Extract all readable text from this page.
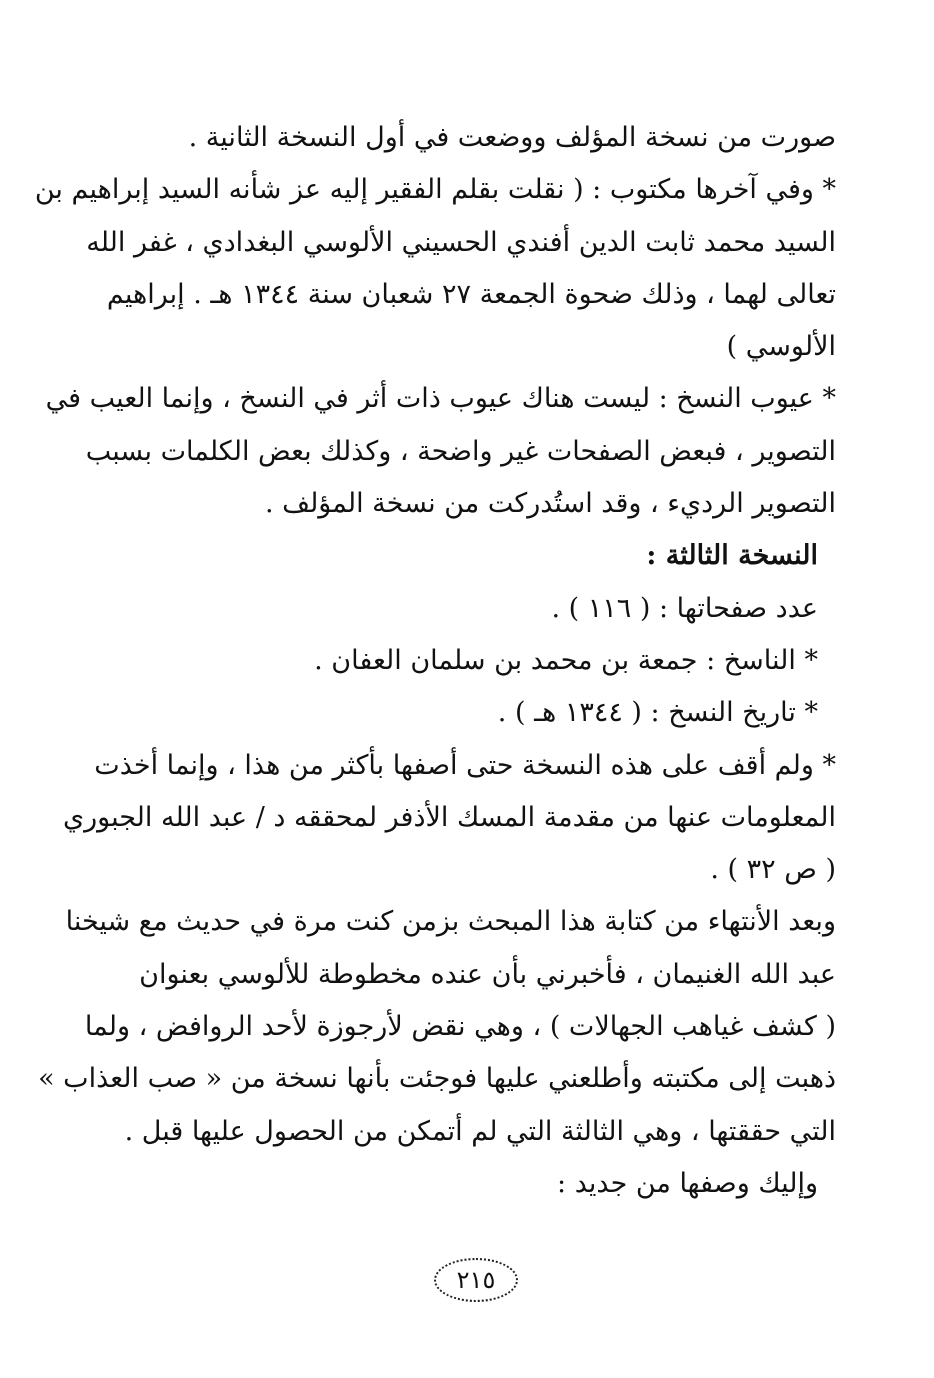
صورت من نسخة المؤلف ووضعت في أول النسخة الثانية .
* وفي آخرها مكتوب : ( نقلت بقلم الفقير إليه عز شأنه السيد إبراهيم بن
السيد محمد ثابت الدين أفندي الحسيني الألوسي البغدادي ، غفر الله
تعالى لهما ، وذلك ضحوة الجمعة ٢٧ شعبان سنة ١٣٤٤ هـ . إبراهيم
الألوسي )
* عيوب النسخ : ليست هناك عيوب ذات أثر في النسخ ، وإنما العيب في
التصوير ، فبعض الصفحات غير واضحة ، وكذلك بعض الكلمات بسبب
التصوير الرديء ، وقد استُدركت من نسخة المؤلف .
النسخة الثالثة :
عدد صفحاتها : ( ١١٦ ) .
* الناسخ : جمعة بن محمد بن سلمان العفان .
* تاريخ النسخ : ( ١٣٤٤ هـ ) .
* ولم أقف على هذه النسخة حتى أصفها بأكثر من هذا ، وإنما أخذت
المعلومات عنها من مقدمة المسك الأذفر لمحققه د / عبد الله الجبوري
( ص ٣٢ ) .
وبعد الأنتهاء من كتابة هذا المبحث بزمن كنت مرة في حديث مع شيخنا
عبد الله الغنيمان ، فأخبرني بأن عنده مخطوطة للألوسي بعنوان
( كشف غياهب الجهالات ) ، وهي نقض لأرجوزة لأحد الروافض ، ولما
ذهبت إلى مكتبته وأطلعني عليها فوجئت بأنها نسخة من « صب العذاب »
التي حققتها ، وهي الثالثة التي لم أتمكن من الحصول عليها قبل .
وإليك وصفها من جديد :
٢١٥
